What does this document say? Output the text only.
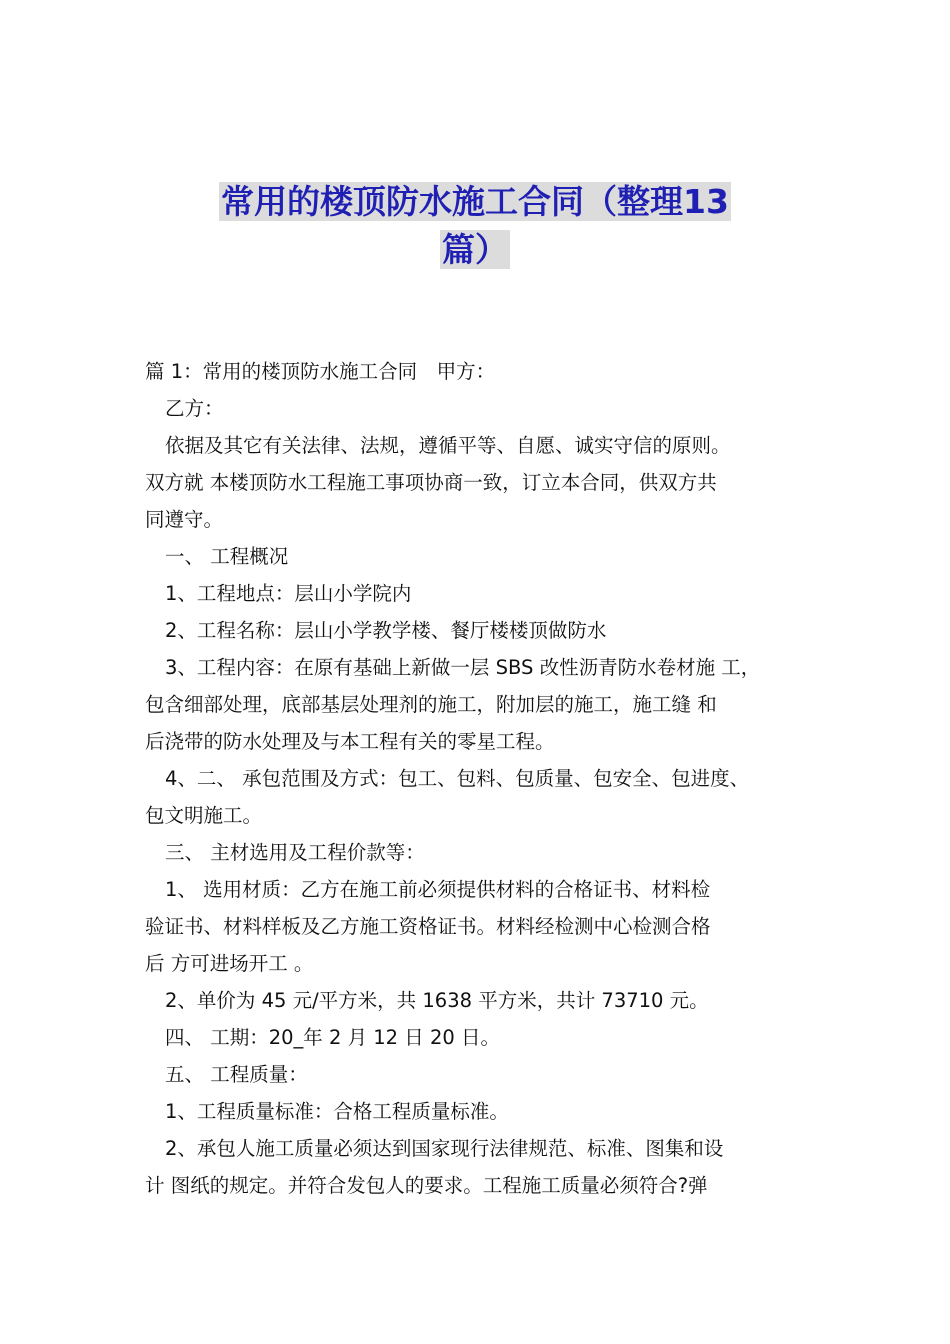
常用的楼顶防水施工合同（整理13
篇）
篇 1：常用的楼顶防水施工合同　甲方：
乙方：
依据及其它有关法律、法规，遵循平等、自愿、诚实守信的原则。
双方就 本楼顶防水工程施工事项协商一致，订立本合同，供双方共
同遵守。
一、 工程概况
1、工程地点：层山小学院内
2、工程名称：层山小学教学楼、餐厅楼楼顶做防水
3、工程内容：在原有基础上新做一层 SBS 改性沥青防水卷材施 工，
包含细部处理，底部基层处理剂的施工，附加层的施工，施工缝 和
后浇带的防水处理及与本工程有关的零星工程。
4、二、 承包范围及方式：包工、包料、包质量、包安全、包进度、
包文明施工。
三、 主材选用及工程价款等：
1、 选用材质：乙方在施工前必须提供材料的合格证书、材料检
验证书、材料样板及乙方施工资格证书。材料经检测中心检测合格
后 方可进场开工 。
2、单价为 45 元/平方米，共 1638 平方米，共计 73710 元。
四、 工期：20_年 2 月 12 日 20 日。
五、 工程质量：
1、工程质量标准：合格工程质量标准。
2、承包人施工质量必须达到国家现行法律规范、标准、图集和设
计 图纸的规定。并符合发包人的要求。工程施工质量必须符合?弹
